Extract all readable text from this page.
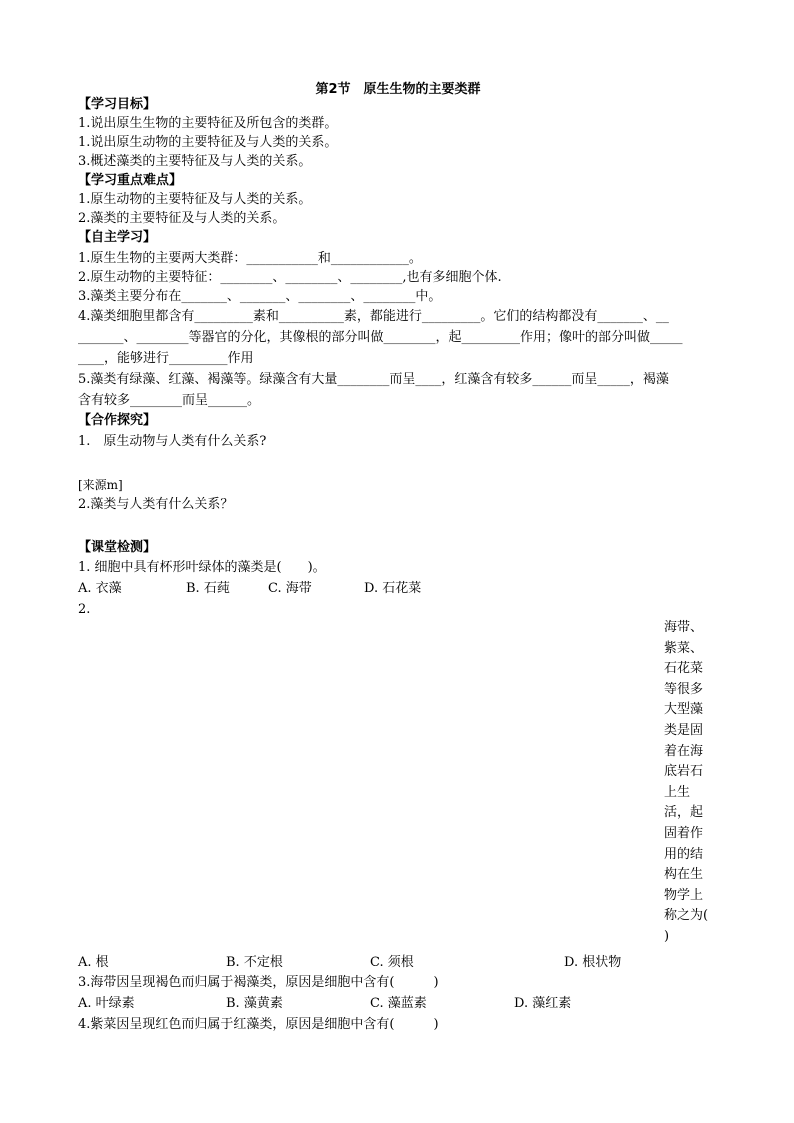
第2节　原生生物的主要类群
【学习目标】
1.说出原生生物的主要特征及所包含的类群。
1.说出原生动物的主要特征及与人类的关系。
3.概述藻类的主要特征及与人类的关系。
【学习重点难点】
1.原生动物的主要特征及与人类的关系。
2.藻类的主要特征及与人类的关系。
【自主学习】
1.原生生物的主要两大类群：___________和____________。
2.原生动物的主要特征：________、________、________,也有多细胞个体.
3.藻类主要分布在_______、_______、________、________中。
4.藻类细胞里都含有_________素和__________素，都能进行_________。它们的结构都没有_______、__
_______、________等器官的分化，其像根的部分叫做________，起_________作用；像叶的部分叫做_____
____，能够进行_________作用
5.藻类有绿藻、红藻、褐藻等。绿藻含有大量________而呈____，红藻含有较多______而呈_____，褐藻
含有较多________而呈______。
【合作探究】
1.　原生动物与人类有什么关系?
[来源m]
2.藻类与人类有什么关系？
【课堂检测】
1. 细胞中具有杯形叶绿体的藻类是(　　)。
A. 衣藻	B. 石莼	C. 海带	D. 石花菜
2.
海带、紫菜、石花菜等很多大型藻类是固着在海底岩石上生活，起固着作用的结构在生物学上称之为(　　)
A. 根	B. 不定根	C. 须根	D. 根状物
3.海带因呈现褐色而归属于褐藻类，原因是细胞中含有(　　　)
A. 叶绿素	B. 藻黄素	C. 藻蓝素	D. 藻红素
4.紫菜因呈现红色而归属于红藻类，原因是细胞中含有(　　　)
